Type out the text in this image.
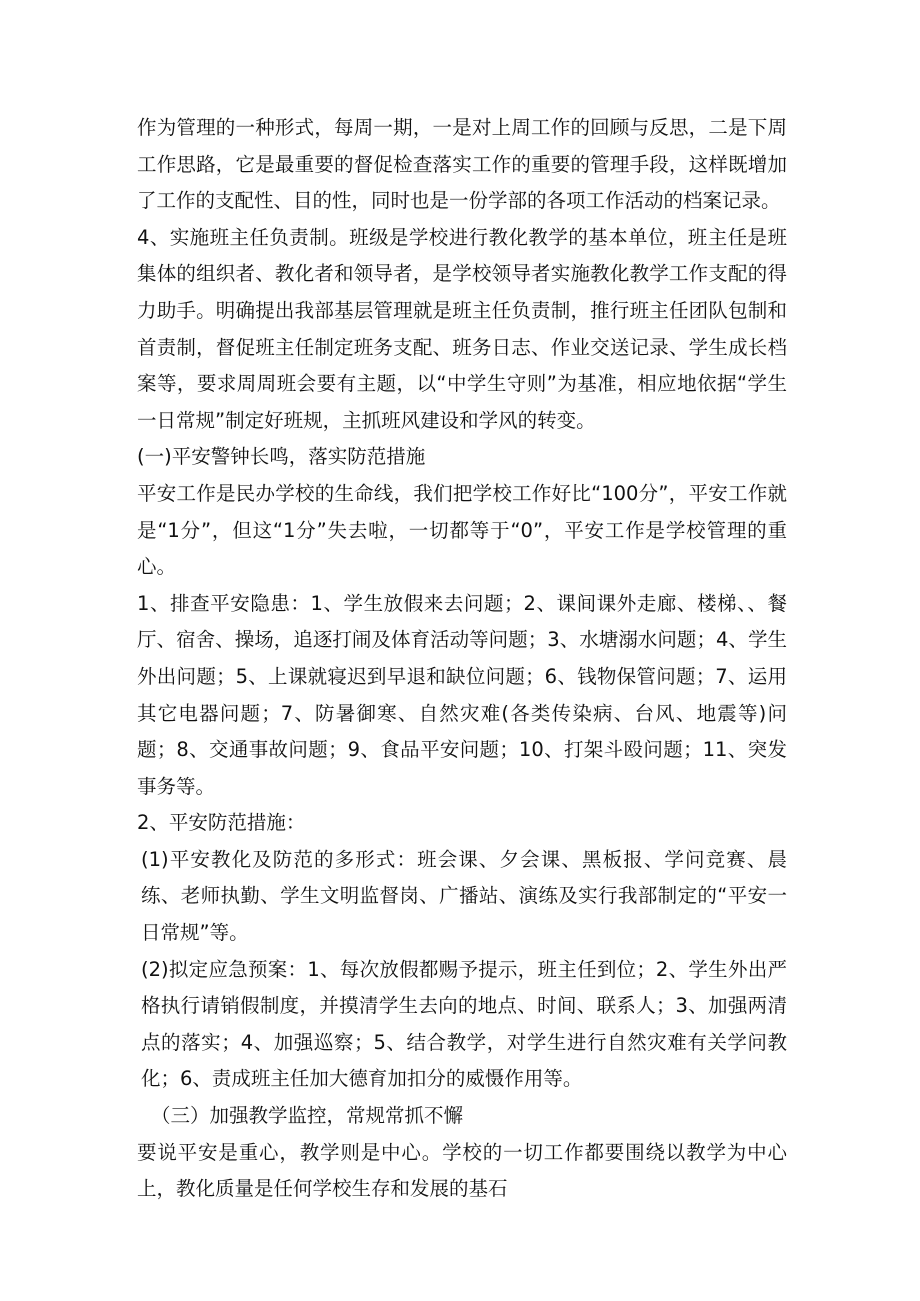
作为管理的一种形式，每周一期，一是对上周工作的回顾与反思，二是下周工作思路，它是最重要的督促检查落实工作的重要的管理手段，这样既增加了工作的支配性、目的性，同时也是一份学部的各项工作活动的档案记录。

4、实施班主任负责制。班级是学校进行教化教学的基本单位，班主任是班集体的组织者、教化者和领导者，是学校领导者实施教化教学工作支配的得力助手。明确提出我部基层管理就是班主任负责制，推行班主任团队包制和首责制，督促班主任制定班务支配、班务日志、作业交送记录、学生成长档案等，要求周周班会要有主题，以“中学生守则”为基准，相应地依据“学生一日常规”制定好班规，主抓班风建设和学风的转变。

(一)平安警钟长鸣，落实防范措施

平安工作是民办学校的生命线，我们把学校工作好比“100分”，平安工作就是“1分”，但这“1分”失去啦，一切都等于“0”，平安工作是学校管理的重心。

1、排查平安隐患：1、学生放假来去问题；2、课间课外走廊、楼梯、、餐厅、宿舍、操场，追逐打闹及体育活动等问题；3、水塘溺水问题；4、学生外出问题；5、上课就寝迟到早退和缺位问题；6、钱物保管问题；7、运用其它电器问题；7、防暑御寒、自然灾难(各类传染病、台风、地震等)问题；8、交通事故问题；9、食品平安问题；10、打架斗殴问题；11、突发事务等。

2、平安防范措施：

(1)平安教化及防范的多形式：班会课、夕会课、黑板报、学问竞赛、晨练、老师执勤、学生文明监督岗、广播站、演练及实行我部制定的“平安一日常规”等。

(2)拟定应急预案：1、每次放假都赐予提示，班主任到位；2、学生外出严格执行请销假制度，并摸清学生去向的地点、时间、联系人；3、加强两清点的落实；4、加强巡察；5、结合教学，对学生进行自然灾难有关学问教化；6、责成班主任加大德育加扣分的威慑作用等。

（三）加强教学监控，常规常抓不懈

要说平安是重心，教学则是中心。学校的一切工作都要围绕以教学为中心上，教化质量是任何学校生存和发展的基石
